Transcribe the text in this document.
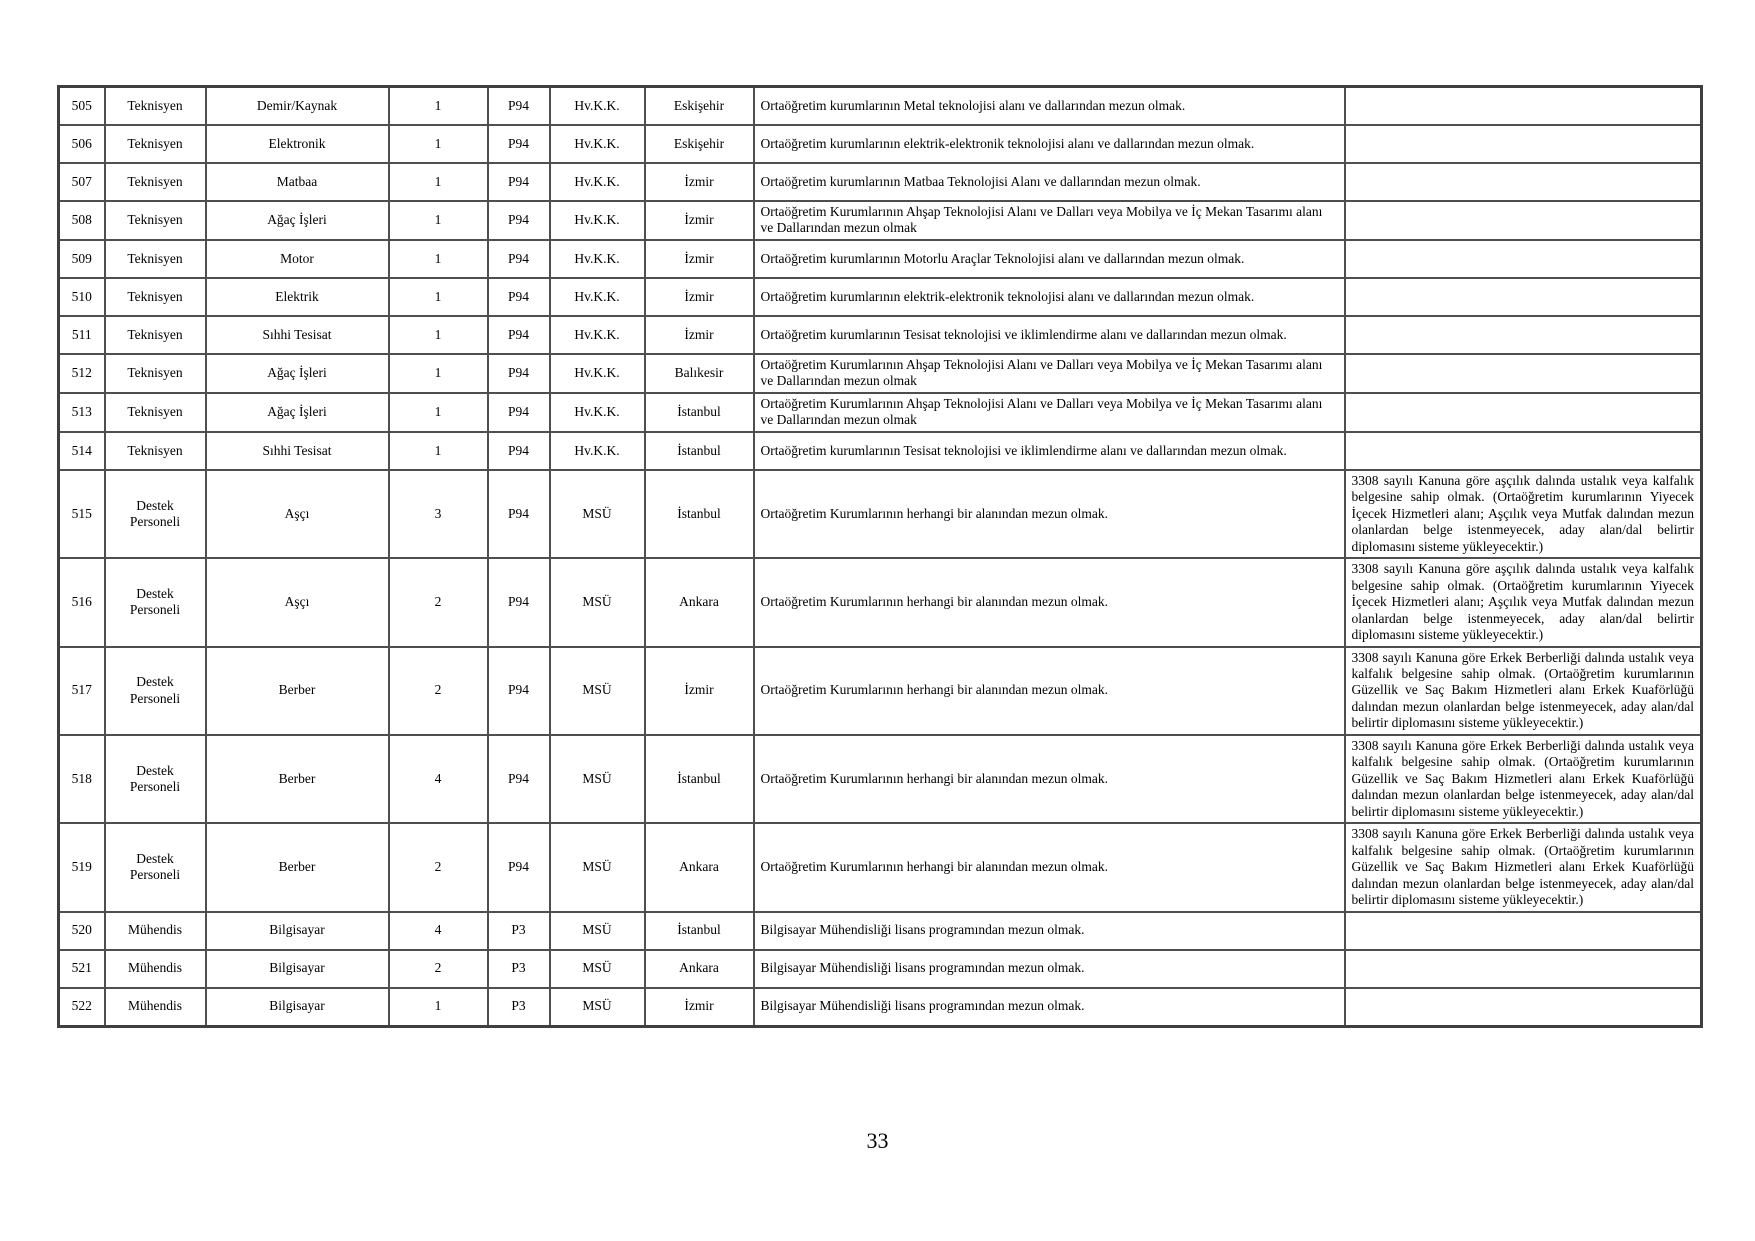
505	Teknisyen	Demir/Kaynak	1	P94	Hv.K.K.	Eskişehir	Ortaöğretim kurumlarının Metal teknolojisi alanı ve dallarından mezun olmak.	
506	Teknisyen	Elektronik	1	P94	Hv.K.K.	Eskişehir	Ortaöğretim kurumlarının elektrik-elektronik teknolojisi alanı ve dallarından mezun olmak.	
507	Teknisyen	Matbaa	1	P94	Hv.K.K.	İzmir	Ortaöğretim kurumlarının Matbaa Teknolojisi Alanı ve dallarından mezun olmak.	
508	Teknisyen	Ağaç İşleri	1	P94	Hv.K.K.	İzmir	Ortaöğretim Kurumlarının Ahşap Teknolojisi Alanı ve Dalları veya Mobilya ve İç Mekan Tasarımı alanı ve Dallarından mezun olmak	
509	Teknisyen	Motor	1	P94	Hv.K.K.	İzmir	Ortaöğretim kurumlarının Motorlu Araçlar Teknolojisi alanı ve dallarından mezun olmak.	
510	Teknisyen	Elektrik	1	P94	Hv.K.K.	İzmir	Ortaöğretim kurumlarının elektrik-elektronik teknolojisi alanı ve dallarından mezun olmak.	
511	Teknisyen	Sıhhi Tesisat	1	P94	Hv.K.K.	İzmir	Ortaöğretim kurumlarının Tesisat teknolojisi ve iklimlendirme alanı ve dallarından mezun olmak.	
512	Teknisyen	Ağaç İşleri	1	P94	Hv.K.K.	Balıkesir	Ortaöğretim Kurumlarının Ahşap Teknolojisi Alanı ve Dalları veya Mobilya ve İç Mekan Tasarımı alanı ve Dallarından mezun olmak	
513	Teknisyen	Ağaç İşleri	1	P94	Hv.K.K.	İstanbul	Ortaöğretim Kurumlarının Ahşap Teknolojisi Alanı ve Dalları veya Mobilya ve İç Mekan Tasarımı alanı ve Dallarından mezun olmak	
514	Teknisyen	Sıhhi Tesisat	1	P94	Hv.K.K.	İstanbul	Ortaöğretim kurumlarının Tesisat teknolojisi ve iklimlendirme alanı ve dallarından mezun olmak.	
515	Destek Personeli	Aşçı	3	P94	MSÜ	İstanbul	Ortaöğretim Kurumlarının herhangi bir alanından mezun olmak.	3308 sayılı Kanuna göre aşçılık dalında ustalık veya kalfalık belgesine sahip olmak. (Ortaöğretim kurumlarının Yiyecek İçecek Hizmetleri alanı; Aşçılık veya Mutfak dalından mezun olanlardan belge istenmeyecek, aday alan/dal belirtir diplomasını sisteme yükleyecektir.)
516	Destek Personeli	Aşçı	2	P94	MSÜ	Ankara	Ortaöğretim Kurumlarının herhangi bir alanından mezun olmak.	3308 sayılı Kanuna göre aşçılık dalında ustalık veya kalfalık belgesine sahip olmak. (Ortaöğretim kurumlarının Yiyecek İçecek Hizmetleri alanı; Aşçılık veya Mutfak dalından mezun olanlardan belge istenmeyecek, aday alan/dal belirtir diplomasını sisteme yükleyecektir.)
517	Destek Personeli	Berber	2	P94	MSÜ	İzmir	Ortaöğretim Kurumlarının herhangi bir alanından mezun olmak.	3308 sayılı Kanuna göre Erkek Berberliği dalında ustalık veya kalfalık belgesine sahip olmak. (Ortaöğretim kurumlarının Güzellik ve Saç Bakım Hizmetleri alanı Erkek Kuaförlüğü dalından mezun olanlardan belge istenmeyecek, aday alan/dal belirtir diplomasını sisteme yükleyecektir.)
518	Destek Personeli	Berber	4	P94	MSÜ	İstanbul	Ortaöğretim Kurumlarının herhangi bir alanından mezun olmak.	3308 sayılı Kanuna göre Erkek Berberliği dalında ustalık veya kalfalık belgesine sahip olmak. (Ortaöğretim kurumlarının Güzellik ve Saç Bakım Hizmetleri alanı Erkek Kuaförlüğü dalından mezun olanlardan belge istenmeyecek, aday alan/dal belirtir diplomasını sisteme yükleyecektir.)
519	Destek Personeli	Berber	2	P94	MSÜ	Ankara	Ortaöğretim Kurumlarının herhangi bir alanından mezun olmak.	3308 sayılı Kanuna göre Erkek Berberliği dalında ustalık veya kalfalık belgesine sahip olmak. (Ortaöğretim kurumlarının Güzellik ve Saç Bakım Hizmetleri alanı Erkek Kuaförlüğü dalından mezun olanlardan belge istenmeyecek, aday alan/dal belirtir diplomasını sisteme yükleyecektir.)
520	Mühendis	Bilgisayar	4	P3	MSÜ	İstanbul	Bilgisayar Mühendisliği lisans programından mezun olmak.	
521	Mühendis	Bilgisayar	2	P3	MSÜ	Ankara	Bilgisayar Mühendisliği lisans programından mezun olmak.	
522	Mühendis	Bilgisayar	1	P3	MSÜ	İzmir	Bilgisayar Mühendisliği lisans programından mezun olmak.	
33
